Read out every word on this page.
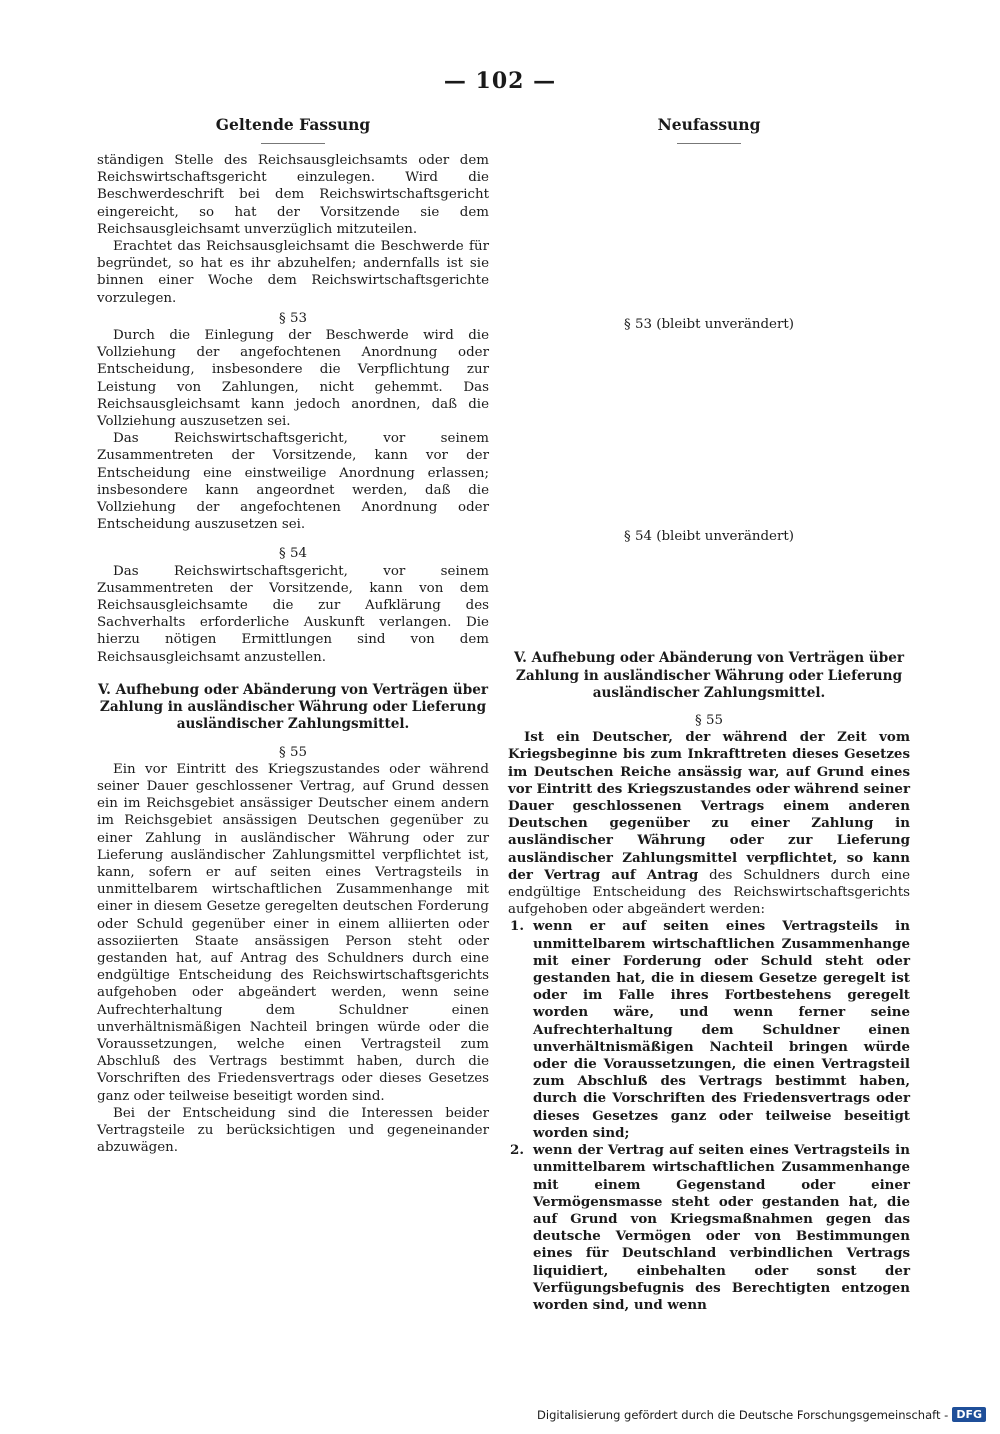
— 102 —
Geltende Fassung

ständigen Stelle des Reichsausgleichsamts oder dem Reichswirtschaftsgericht einzulegen. Wird die Beschwerdeschrift bei dem Reichswirtschaftsgericht eingereicht, so hat der Vorsitzende sie dem Reichsausgleichsamt unverzüglich mitzuteilen.

Erachtet das Reichsausgleichsamt die Beschwerde für begründet, so hat es ihr abzuhelfen; andernfalls ist sie binnen einer Woche dem Reichswirtschaftsgerichte vorzulegen.

§ 53

Durch die Einlegung der Beschwerde wird die Vollziehung der angefochtenen Anordnung oder Entscheidung, insbesondere die Verpflichtung zur Leistung von Zahlungen, nicht gehemmt. Das Reichsausgleichsamt kann jedoch anordnen, daß die Vollziehung auszusetzen sei.

Das Reichswirtschaftsgericht, vor seinem Zusammentreten der Vorsitzende, kann vor der Entscheidung eine einstweilige Anordnung erlassen; insbesondere kann angeordnet werden, daß die Vollziehung der angefochtenen Anordnung oder Entscheidung auszusetzen sei.

§ 54

Das Reichswirtschaftsgericht, vor seinem Zusammentreten der Vorsitzende, kann von dem Reichsausgleichsamte die zur Aufklärung des Sachverhalts erforderliche Auskunft verlangen. Die hierzu nötigen Ermittlungen sind von dem Reichsausgleichsamt anzustellen.

V. Aufhebung oder Abänderung von Verträgen über Zahlung in ausländischer Währung oder Lieferung ausländischer Zahlungsmittel.

§ 55

Ein vor Eintritt des Kriegszustandes oder während seiner Dauer geschlossener Vertrag, auf Grund dessen ein im Reichsgebiet ansässiger Deutscher einem andern im Reichsgebiet ansässigen Deutschen gegenüber zu einer Zahlung in ausländischer Währung oder zur Lieferung ausländischer Zahlungsmittel verpflichtet ist, kann, sofern er auf seiten eines Vertragsteils in unmittelbarem wirtschaftlichen Zusammenhange mit einer in diesem Gesetze geregelten deutschen Forderung oder Schuld gegenüber einer in einem alliierten oder assoziierten Staate ansässigen Person steht oder gestanden hat, auf Antrag des Schuldners durch eine endgültige Entscheidung des Reichswirtschaftsgerichts aufgehoben oder abgeändert werden, wenn seine Aufrechterhaltung dem Schuldner einen unverhältnismäßigen Nachteil bringen würde oder die Voraussetzungen, welche einen Vertragsteil zum Abschluß des Vertrags bestimmt haben, durch die Vorschriften des Friedensvertrags oder dieses Gesetzes ganz oder teilweise beseitigt worden sind.

Bei der Entscheidung sind die Interessen beider Vertragsteile zu berücksichtigen und gegeneinander abzuwägen.

Neufassung

§ 53 (bleibt unverändert)

§ 54 (bleibt unverändert)

V. Aufhebung oder Abänderung von Verträgen über Zahlung in ausländischer Währung oder Lieferung ausländischer Zahlungsmittel.

§ 55

Ist ein Deutscher, der während der Zeit vom Kriegsbeginne bis zum Inkrafttreten dieses Gesetzes im Deutschen Reiche ansässig war, auf Grund eines vor Eintritt des Kriegszustandes oder während seiner Dauer geschlossenen Vertrags einem anderen Deutschen gegenüber zu einer Zahlung in ausländischer Währung oder zur Lieferung ausländischer Zahlungsmittel verpflichtet, so kann der Vertrag auf Antrag des Schuldners durch eine endgültige Entscheidung des Reichswirtschaftsgerichts aufgehoben oder abgeändert werden:

1. wenn er auf seiten eines Vertragsteils in unmittelbarem wirtschaftlichen Zusammenhange mit einer Forderung oder Schuld steht oder gestanden hat, die in diesem Gesetze geregelt ist oder im Falle ihres Fortbestehens geregelt worden wäre, und wenn ferner seine Aufrechterhaltung dem Schuldner einen unverhältnismäßigen Nachteil bringen würde oder die Voraussetzungen, die einen Vertragsteil zum Abschluß des Vertrags bestimmt haben, durch die Vorschriften des Friedensvertrags oder dieses Gesetzes ganz oder teilweise beseitigt worden sind;
2. wenn der Vertrag auf seiten eines Vertragsteils in unmittelbarem wirtschaftlichen Zusammenhange mit einem Gegenstand oder einer Vermögensmasse steht oder gestanden hat, die auf Grund von Kriegsmaßnahmen gegen das deutsche Vermögen oder von Bestimmungen eines für Deutschland verbindlichen Vertrags liquidiert, einbehalten oder sonst der Verfügungsbefugnis des Berechtigten entzogen worden sind, und wenn
Digitalisierung gefördert durch die Deutsche Forschungsgemeinschaft - DFG
